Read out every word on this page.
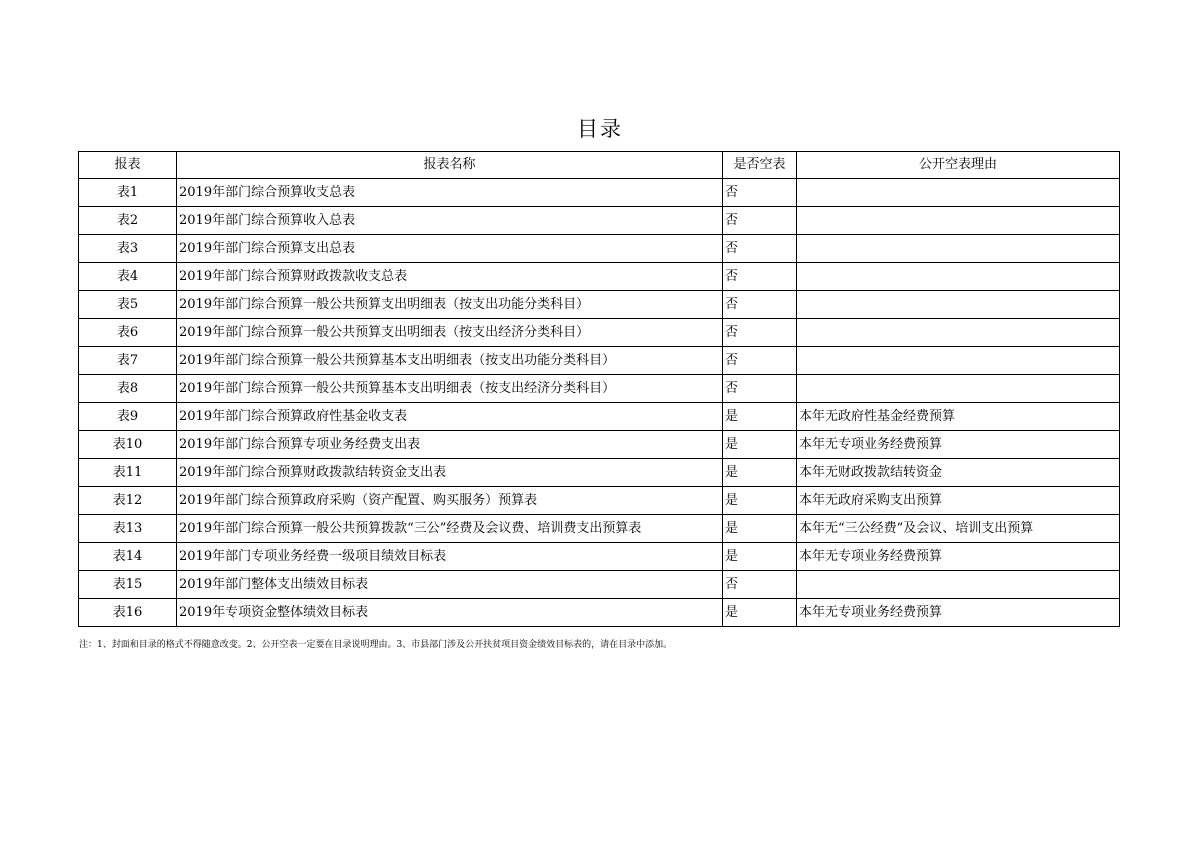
目录
报表	报表名称	是否空表	公开空表理由
表1	2019年部门综合预算收支总表	否	
表2	2019年部门综合预算收入总表	否	
表3	2019年部门综合预算支出总表	否	
表4	2019年部门综合预算财政拨款收支总表	否	
表5	2019年部门综合预算一般公共预算支出明细表（按支出功能分类科目）	否	
表6	2019年部门综合预算一般公共预算支出明细表（按支出经济分类科目）	否	
表7	2019年部门综合预算一般公共预算基本支出明细表（按支出功能分类科目）	否	
表8	2019年部门综合预算一般公共预算基本支出明细表（按支出经济分类科目）	否	
表9	2019年部门综合预算政府性基金收支表	是	本年无政府性基金经费预算
表10	2019年部门综合预算专项业务经费支出表	是	本年无专项业务经费预算
表11	2019年部门综合预算财政拨款结转资金支出表	是	本年无财政拨款结转资金
表12	2019年部门综合预算政府采购（资产配置、购买服务）预算表	是	本年无政府采购支出预算
表13	2019年部门综合预算一般公共预算拨款“三公”经费及会议费、培训费支出预算表	是	本年无“三公经费”及会议、培训支出预算
表14	2019年部门专项业务经费一级项目绩效目标表	是	本年无专项业务经费预算
表15	2019年部门整体支出绩效目标表	否	
表16	2019年专项资金整体绩效目标表	是	本年无专项业务经费预算
注：1、封面和目录的格式不得随意改变。2、公开空表一定要在目录说明理由。3、市县部门涉及公开扶贫项目资金绩效目标表的，请在目录中添加。
